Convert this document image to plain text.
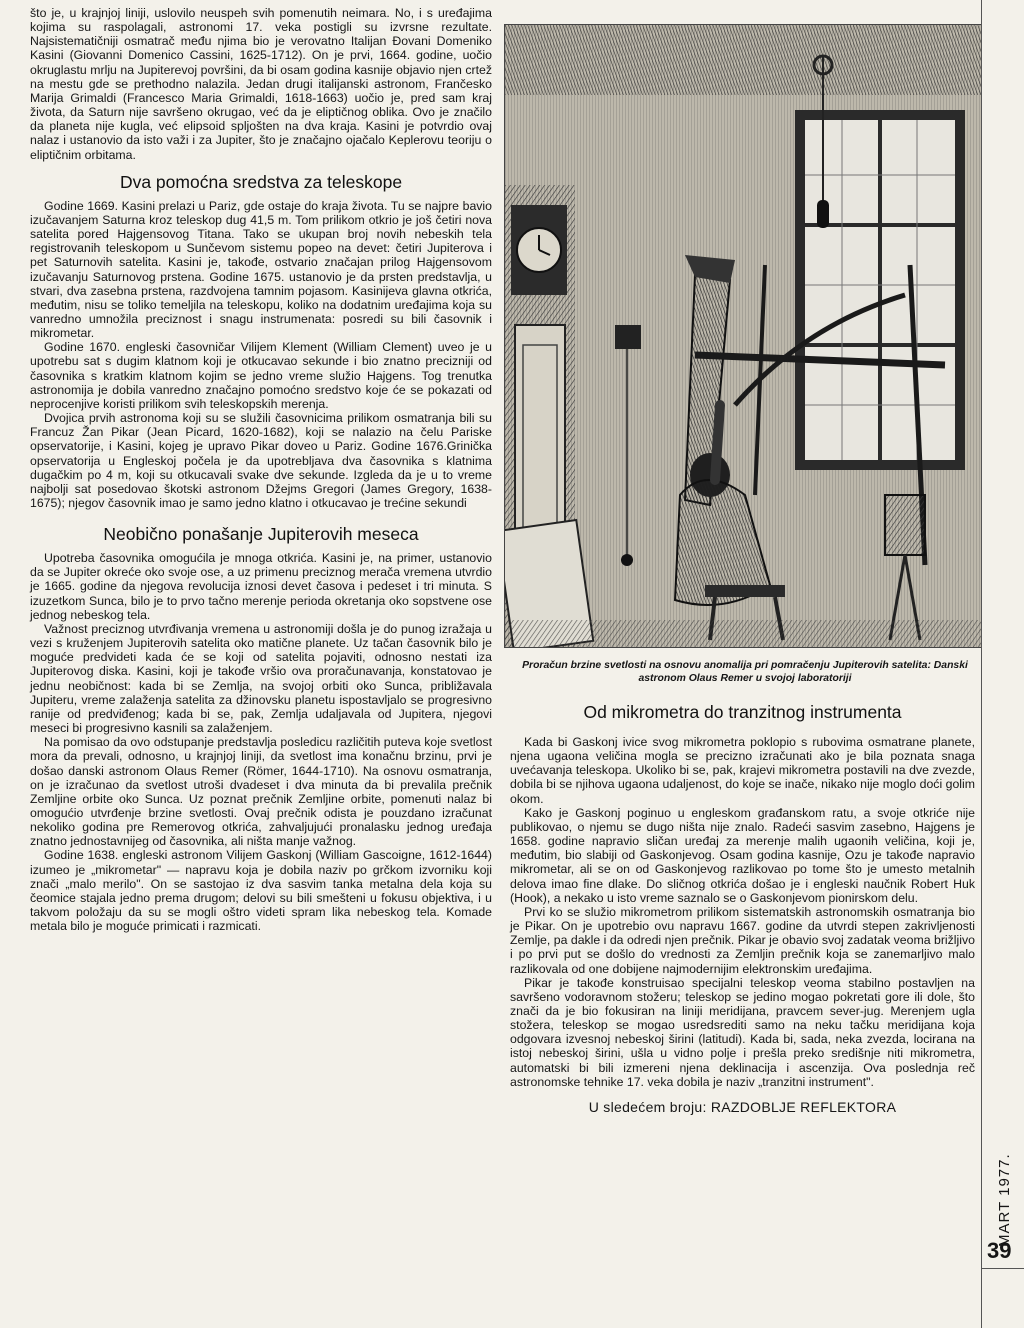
što je, u krajnjoj liniji, uslovilo neuspeh svih pomenutih neimara. No, i s uređajima kojima su raspolagali, astronomi 17. veka postigli su izvrsne rezultate. Najsistematičniji osmatrač među njima bio je verovatno Italijan Đovani Domeniko Kasini (Giovanni Domenico Cassini, 1625-1712). On je prvi, 1664. godine, uočio okruglastu mrlju na Jupiterevoj površini, da bi osam godina kasnije objavio njen crtež na mestu gde se prethodno nalazila. Jedan drugi italijanski astronom, Frančesko Marija Grimaldi (Francesco Maria Grimaldi, 1618-1663) uočio je, pred sam kraj života, da Saturn nije savršeno okrugao, već da je eliptičnog oblika. Ovo je značilo da planeta nije kugla, već elipsoid spljošten na dva kraja. Kasini je potvrdio ovaj nalaz i ustanovio da isto važi i za Jupiter, što je značajno ojačalo Keplerovu teoriju o eliptičnim orbitama.

Dva pomoćna sredstva za teleskope

Godine 1669. Kasini prelazi u Pariz, gde ostaje do kraja života. Tu se najpre bavio izučavanjem Saturna kroz teleskop dug 41,5 m. Tom prilikom otkrio je još četiri nova satelita pored Hajgensovog Titana. Tako se ukupan broj novih nebeskih tela registrovanih teleskopom u Sunčevom sistemu popeo na devet: četiri Jupiterova i pet Saturnovih satelita. Kasini je, takođe, ostvario značajan prilog Hajgensovom izučavanju Saturnovog prstena. Godine 1675. ustanovio je da prsten predstavlja, u stvari, dva zasebna prstena, razdvojena tamnim pojasom. Kasinijeva glavna otkrića, međutim, nisu se toliko temeljila na teleskopu, koliko na dodatnim uređajima koja su vanredno umnožila preciznost i snagu instrumenata: posredi su bili časovnik i mikrometar.

Godine 1670. engleski časovničar Vilijem Klement (William Clement) uveo je u upotrebu sat s dugim klatnom koji je otkucavao sekunde i bio znatno precizniji od časovnika s kratkim klatnom kojim se jedno vreme služio Hajgens. Tog trenutka astronomija je dobila vanredno značajno pomoćno sredstvo koje će se pokazati od neprocenjive koristi prilikom svih teleskopskih merenja.

Dvojica prvih astronoma koji su se služili časovnicima prilikom osmatranja bili su Francuz Žan Pikar (Jean Picard, 1620-1682), koji se nalazio na čelu Pariske opservatorije, i Kasini, kojeg je upravo Pikar doveo u Pariz. Godine 1676.Grinička opservatorija u Engleskoj počela je da upotrebljava dva časovnika s klatnima dugačkim po 4 m, koji su otkucavali svake dve sekunde. Izgleda da je u to vreme najbolji sat posedovao škotski astronom Džejms Gregori (James Gregory, 1638-1675); njegov časovnik imao je samo jedno klatno i otkucavao je trećine sekundi

Neobično ponašanje Jupiterovih meseca

Upotreba časovnika omogućila je mnoga otkrića. Kasini je, na primer, ustanovio da se Jupiter okreće oko svoje ose, a uz primenu preciznog merača vremena utvrdio je 1665. godine da njegova revolucija iznosi devet časova i pedeset i tri minuta. S izuzetkom Sunca, bilo je to prvo tačno merenje perioda okretanja oko sopstvene ose jednog nebeskog tela.

Važnost preciznog utvrđivanja vremena u astronomiji došla je do punog izražaja u vezi s kruženjem Jupiterovih satelita oko matične planete. Uz tačan časovnik bilo je moguće predvideti kada će se koji od satelita pojaviti, odnosno nestati iza Jupiterovog diska. Kasini, koji je takođe vršio ova proračunavanja, konstatovao je jednu neobičnost: kada bi se Zemlja, na svojoj orbiti oko Sunca, približavala Jupiteru, vreme zalaženja satelita za džinovsku planetu ispostavljalo se progresivno ranije od predviđenog; kada bi se, pak, Zemlja udaljavala od Jupitera, njegovi meseci bi progresivno kasnili sa zalaženjem.

Na pomisao da ovo odstupanje predstavlja posledicu različitih puteva koje svetlost mora da prevali, odnosno, u krajnjoj liniji, da svetlost ima konačnu brzinu, prvi je došao danski astronom Olaus Remer (Römer, 1644-1710). Na osnovu osmatranja, on je izračunao da svetlost utroši dvadeset i dva minuta da bi prevalila prečnik Zemljine orbite oko Sunca. Uz poznat prečnik Zemljine orbite, pomenuti nalaz bi omogućio utvrđenje brzine svetlosti. Ovaj prečnik odista je pouzdano izračunat nekoliko godina pre Remerovog otkrića, zahvaljujući pronalasku jednog uređaja znatno jednostavnijeg od časovnika, ali ništa manje važnog.

Godine 1638. engleski astronom Vilijem Gaskonj (William Gascoigne, 1612-1644) izumeo je „mikrometar" — napravu koja je dobila naziv po grčkom izvorniku koji znači „malo merilo". On se sastojao iz dva sasvim tanka metalna dela koja su čeomice stajala jedno prema drugom; delovi su bili smešteni u fokusu objektiva, i u takvom položaju da su se mogli oštro videti spram lika nebeskog tela. Komade metala bilo je moguće primicati i razmicati.

Proračun brzine svetlosti na osnovu anomalija pri pomračenju Jupiterovih satelita: Danski astronom Olaus Remer u svojoj laboratoriji

Od mikrometra do tranzitnog instrumenta

Kada bi Gaskonj ivice svog mikrometra poklopio s rubovima osmatrane planete, njena ugaona veličina mogla se precizno izračunati ako je bila poznata snaga uvećavanja teleskopa. Ukoliko bi se, pak, krajevi mikrometra postavili na dve zvezde, dobila bi se njihova ugaona udaljenost, do koje se inače, nikako nije moglo doći golim okom.

Kako je Gaskonj poginuo u engleskom građanskom ratu, a svoje otkriće nije publikovao, o njemu se dugo ništa nije znalo. Radeći sasvim zasebno, Hajgens je 1658. godine napravio sličan uređaj za merenje malih ugaonih veličina, koji je, međutim, bio slabiji od Gaskonjevog. Osam godina kasnije, Ozu je takođe napravio mikrometar, ali se on od Gaskonjevog razlikovao po tome što je umesto metalnih delova imao fine dlake. Do sličnog otkrića došao je i engleski naučnik Robert Huk (Hook), a nekako u isto vreme saznalo se o Gaskonjevom pionirskom delu.

Prvi ko se služio mikrometrom prilikom sistematskih astronomskih osmatranja bio je Pikar. On je upotrebio ovu napravu 1667. godine da utvrdi stepen zakrivljenosti Zemlje, pa dakle i da odredi njen prečnik. Pikar je obavio svoj zadatak veoma brižljivo i po prvi put se došlo do vrednosti za Zemljin prečnik koja se zanemarljivo malo razlikovala od one dobijene najmodernijim elektronskim uređajima.

Pikar je takođe konstruisao specijalni teleskop veoma stabilno postavljen na savršeno vodoravnom stožeru; teleskop se jedino mogao pokretati gore ili dole, što znači da je bio fokusiran na liniji meridijana, pravcem sever-jug. Merenjem ugla stožera, teleskop se mogao usredsrediti samo na neku tačku meridijana koja odgovara izvesnoj nebeskoj širini (latitudi). Kada bi, sada, neka zvezda, locirana na istoj nebeskoj širini, ušla u vidno polje i prešla preko središnje niti mikrometra, automatski bi bili izmereni njena deklinacija i ascenzija. Ova poslednja reč astronomske tehnike 17. veka dobila je naziv „tranzitni instrument".

U sledećem broju: RAZDOBLJE REFLEKTORA

MART 1977.
39
